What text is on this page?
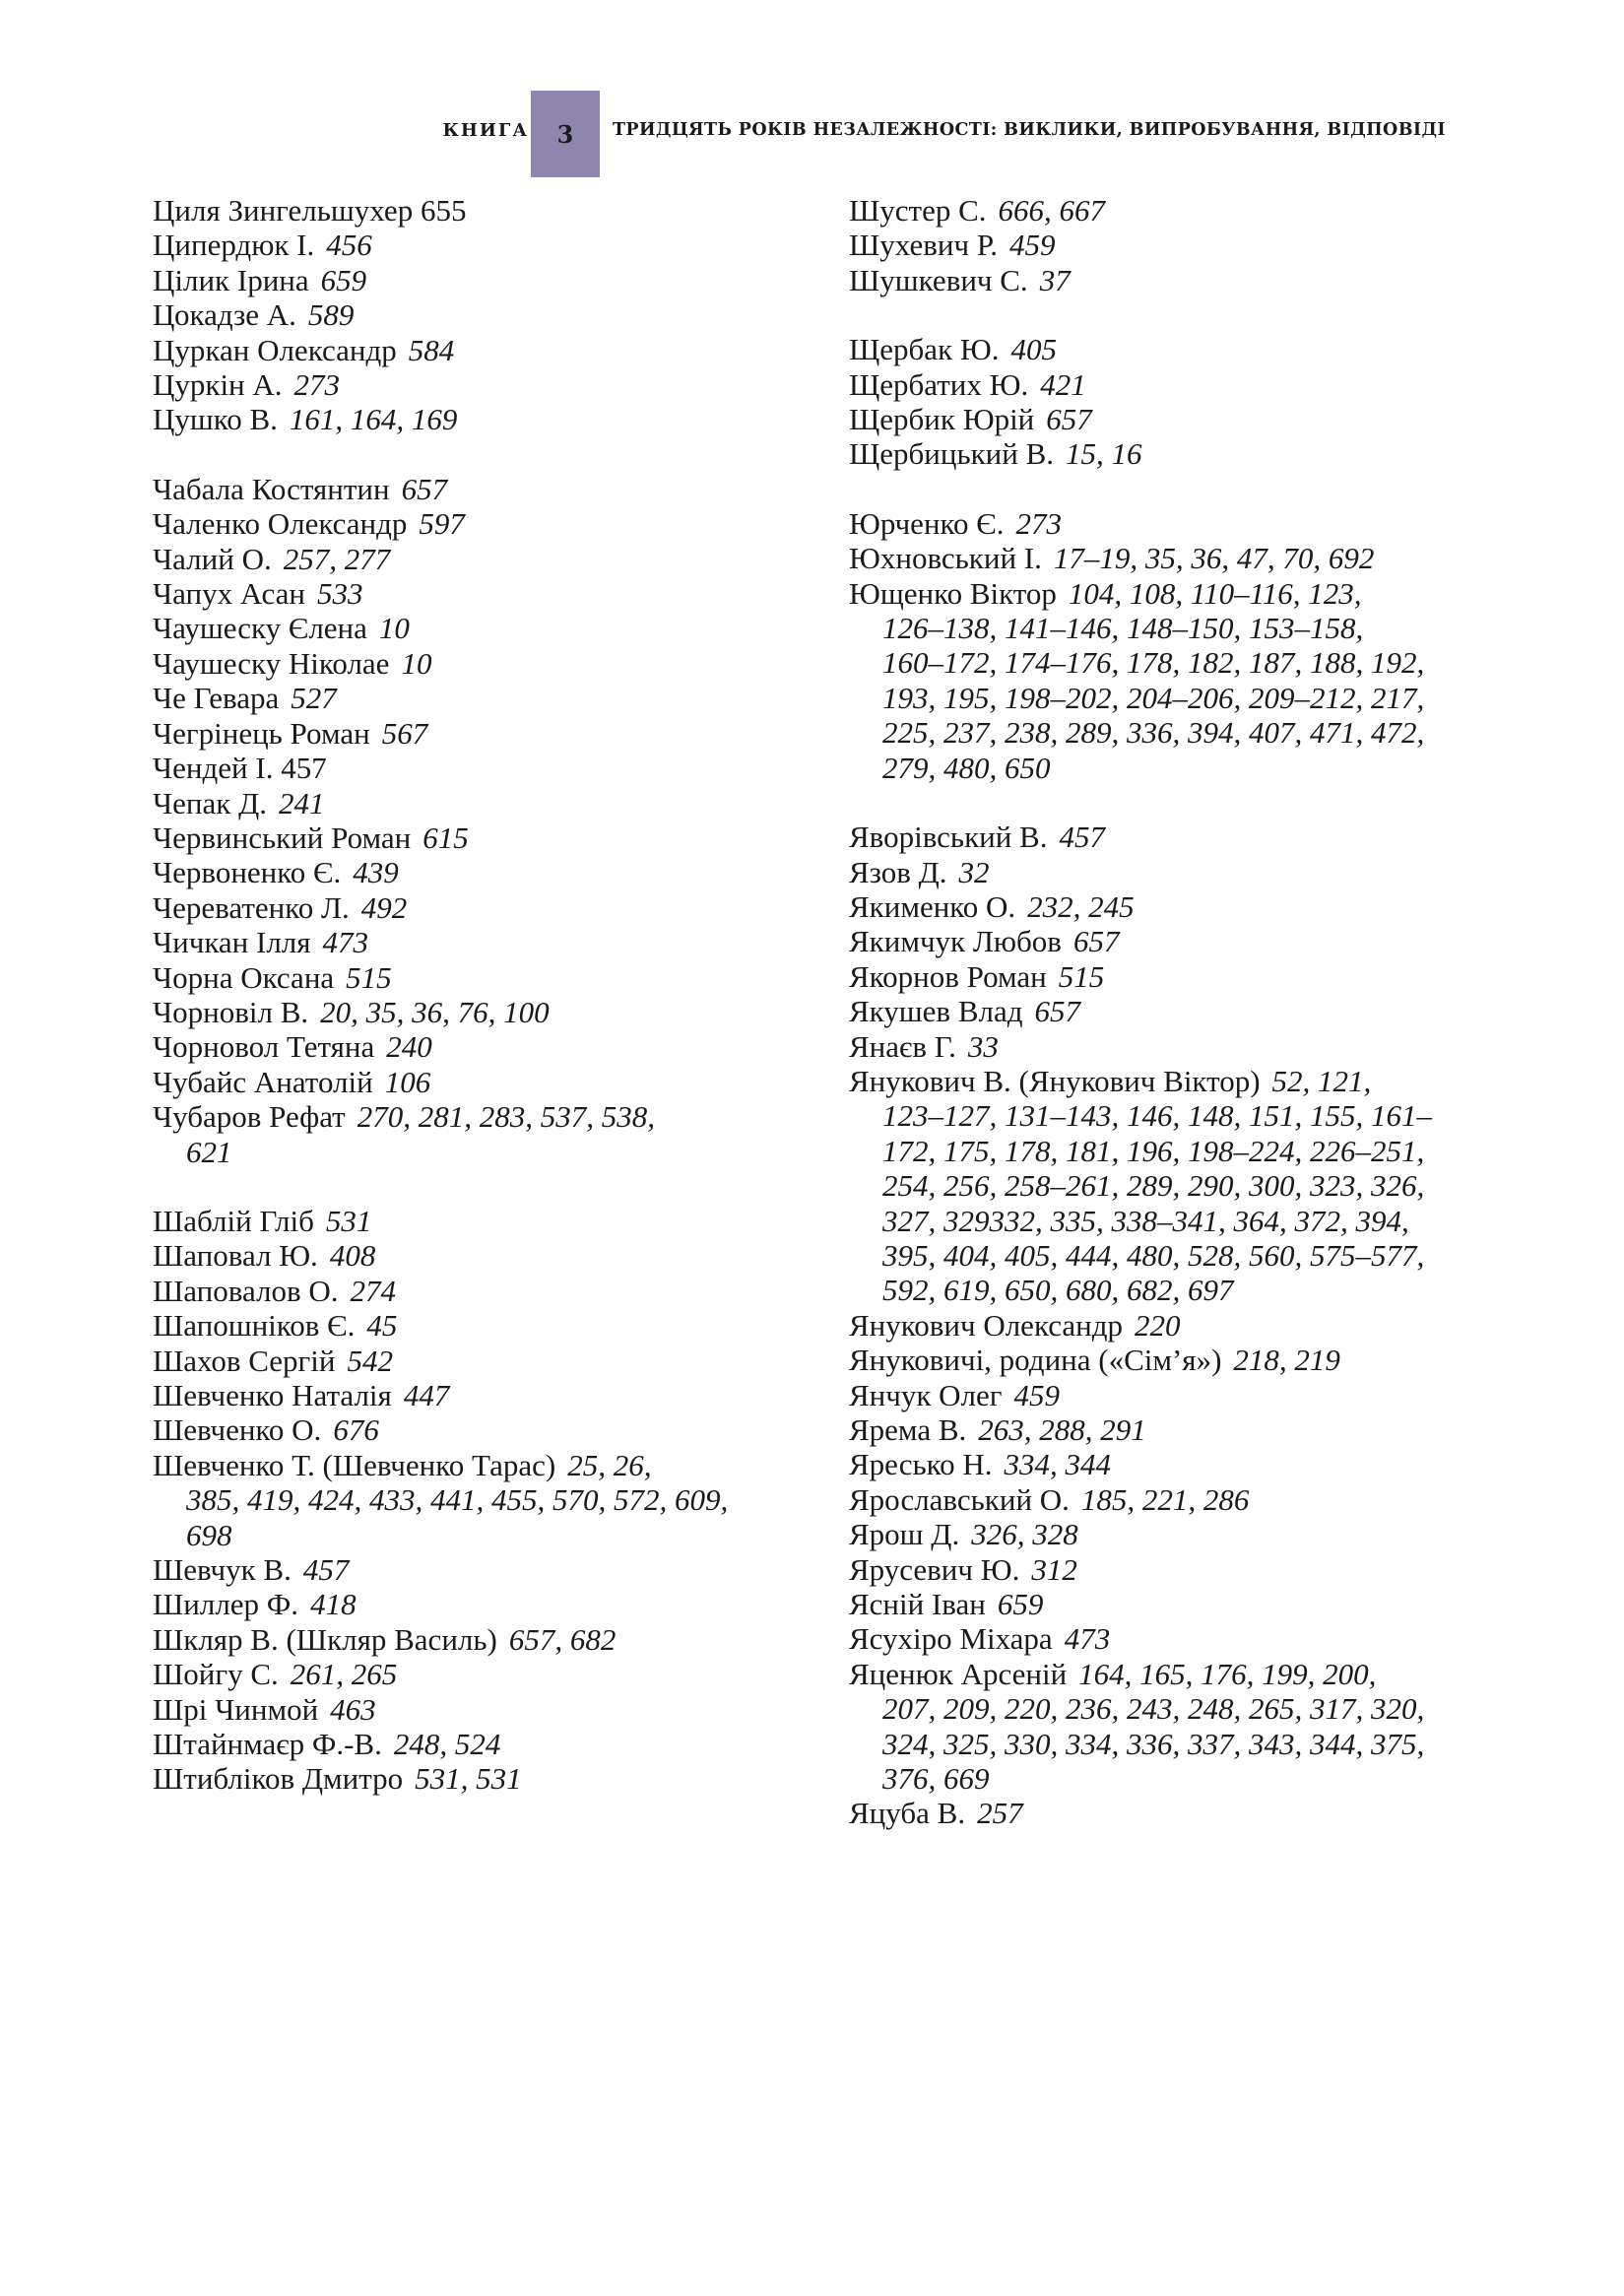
КНИГА 3 ТРИДЦЯТЬ РОКІВ НЕЗАЛЕЖНОСТІ: ВИКЛИКИ, ВИПРОБУВАННЯ, ВІДПОВІДІ
Циля Зингельшухер 655
Ципердюк І. 456
Цілик Ірина 659
Цокадзе А. 589
Цуркан Олександр 584
Цуркін А. 273
Цушко В. 161, 164, 169
Чабала Костянтин 657
Чаленко Олександр 597
Чалий О. 257, 277
Чапух Асан 533
Чаушеску Єлена 10
Чаушеску Ніколае 10
Че Гевара 527
Чегрінець Роман 567
Чендей І. 457
Чепак Д. 241
Червинський Роман 615
Червоненко Є. 439
Череватенко Л. 492
Чичкан Ілля 473
Чорна Оксана 515
Чорновіл В. 20, 35, 36, 76, 100
Чорновол Тетяна 240
Чубайс Анатолій 106
Чубаров Рефат 270, 281, 283, 537, 538,
621
Шаблій Гліб 531
Шаповал Ю. 408
Шаповалов О. 274
Шапошніков Є. 45
Шахов Сергій 542
Шевченко Наталія 447
Шевченко О. 676
Шевченко Т. (Шевченко Тарас) 25, 26,
385, 419, 424, 433, 441, 455, 570, 572, 609,
698
Шевчук В. 457
Шиллер Ф. 418
Шкляр В. (Шкляр Василь) 657, 682
Шойгу С. 261, 265
Шрі Чинмой 463
Штайнмаєр Ф.-В. 248, 524
Штибліков Дмитро 531, 531
Шустер С. 666, 667
Шухевич Р. 459
Шушкевич С. 37
Щербак Ю. 405
Щербатих Ю. 421
Щербик Юрій 657
Щербицький В. 15, 16
Юрченко Є. 273
Юхновський І. 17–19, 35, 36, 47, 70, 692
Ющенко Віктор 104, 108, 110–116, 123,
126–138, 141–146, 148–150, 153–158,
160–172, 174–176, 178, 182, 187, 188, 192,
193, 195, 198–202, 204–206, 209–212, 217,
225, 237, 238, 289, 336, 394, 407, 471, 472,
279, 480, 650
Яворівський В. 457
Язов Д. 32
Якименко О. 232, 245
Якимчук Любов 657
Якорнов Роман 515
Якушев Влад 657
Янаєв Г. 33
Янукович В. (Янукович Віктор) 52, 121,
123–127, 131–143, 146, 148, 151, 155, 161–
172, 175, 178, 181, 196, 198–224, 226–251,
254, 256, 258–261, 289, 290, 300, 323, 326,
327, 329332, 335, 338–341, 364, 372, 394,
395, 404, 405, 444, 480, 528, 560, 575–577,
592, 619, 650, 680, 682, 697
Янукович Олександр 220
Януковичі, родина («Сім’я») 218, 219
Янчук Олег 459
Ярема В. 263, 288, 291
Яресько Н. 334, 344
Ярославський О. 185, 221, 286
Ярош Д. 326, 328
Ярусевич Ю. 312
Ясній Іван 659
Ясухіро Міхара 473
Яценюк Арсеній 164, 165, 176, 199, 200,
207, 209, 220, 236, 243, 248, 265, 317, 320,
324, 325, 330, 334, 336, 337, 343, 344, 375,
376, 669
Яцуба В. 257
